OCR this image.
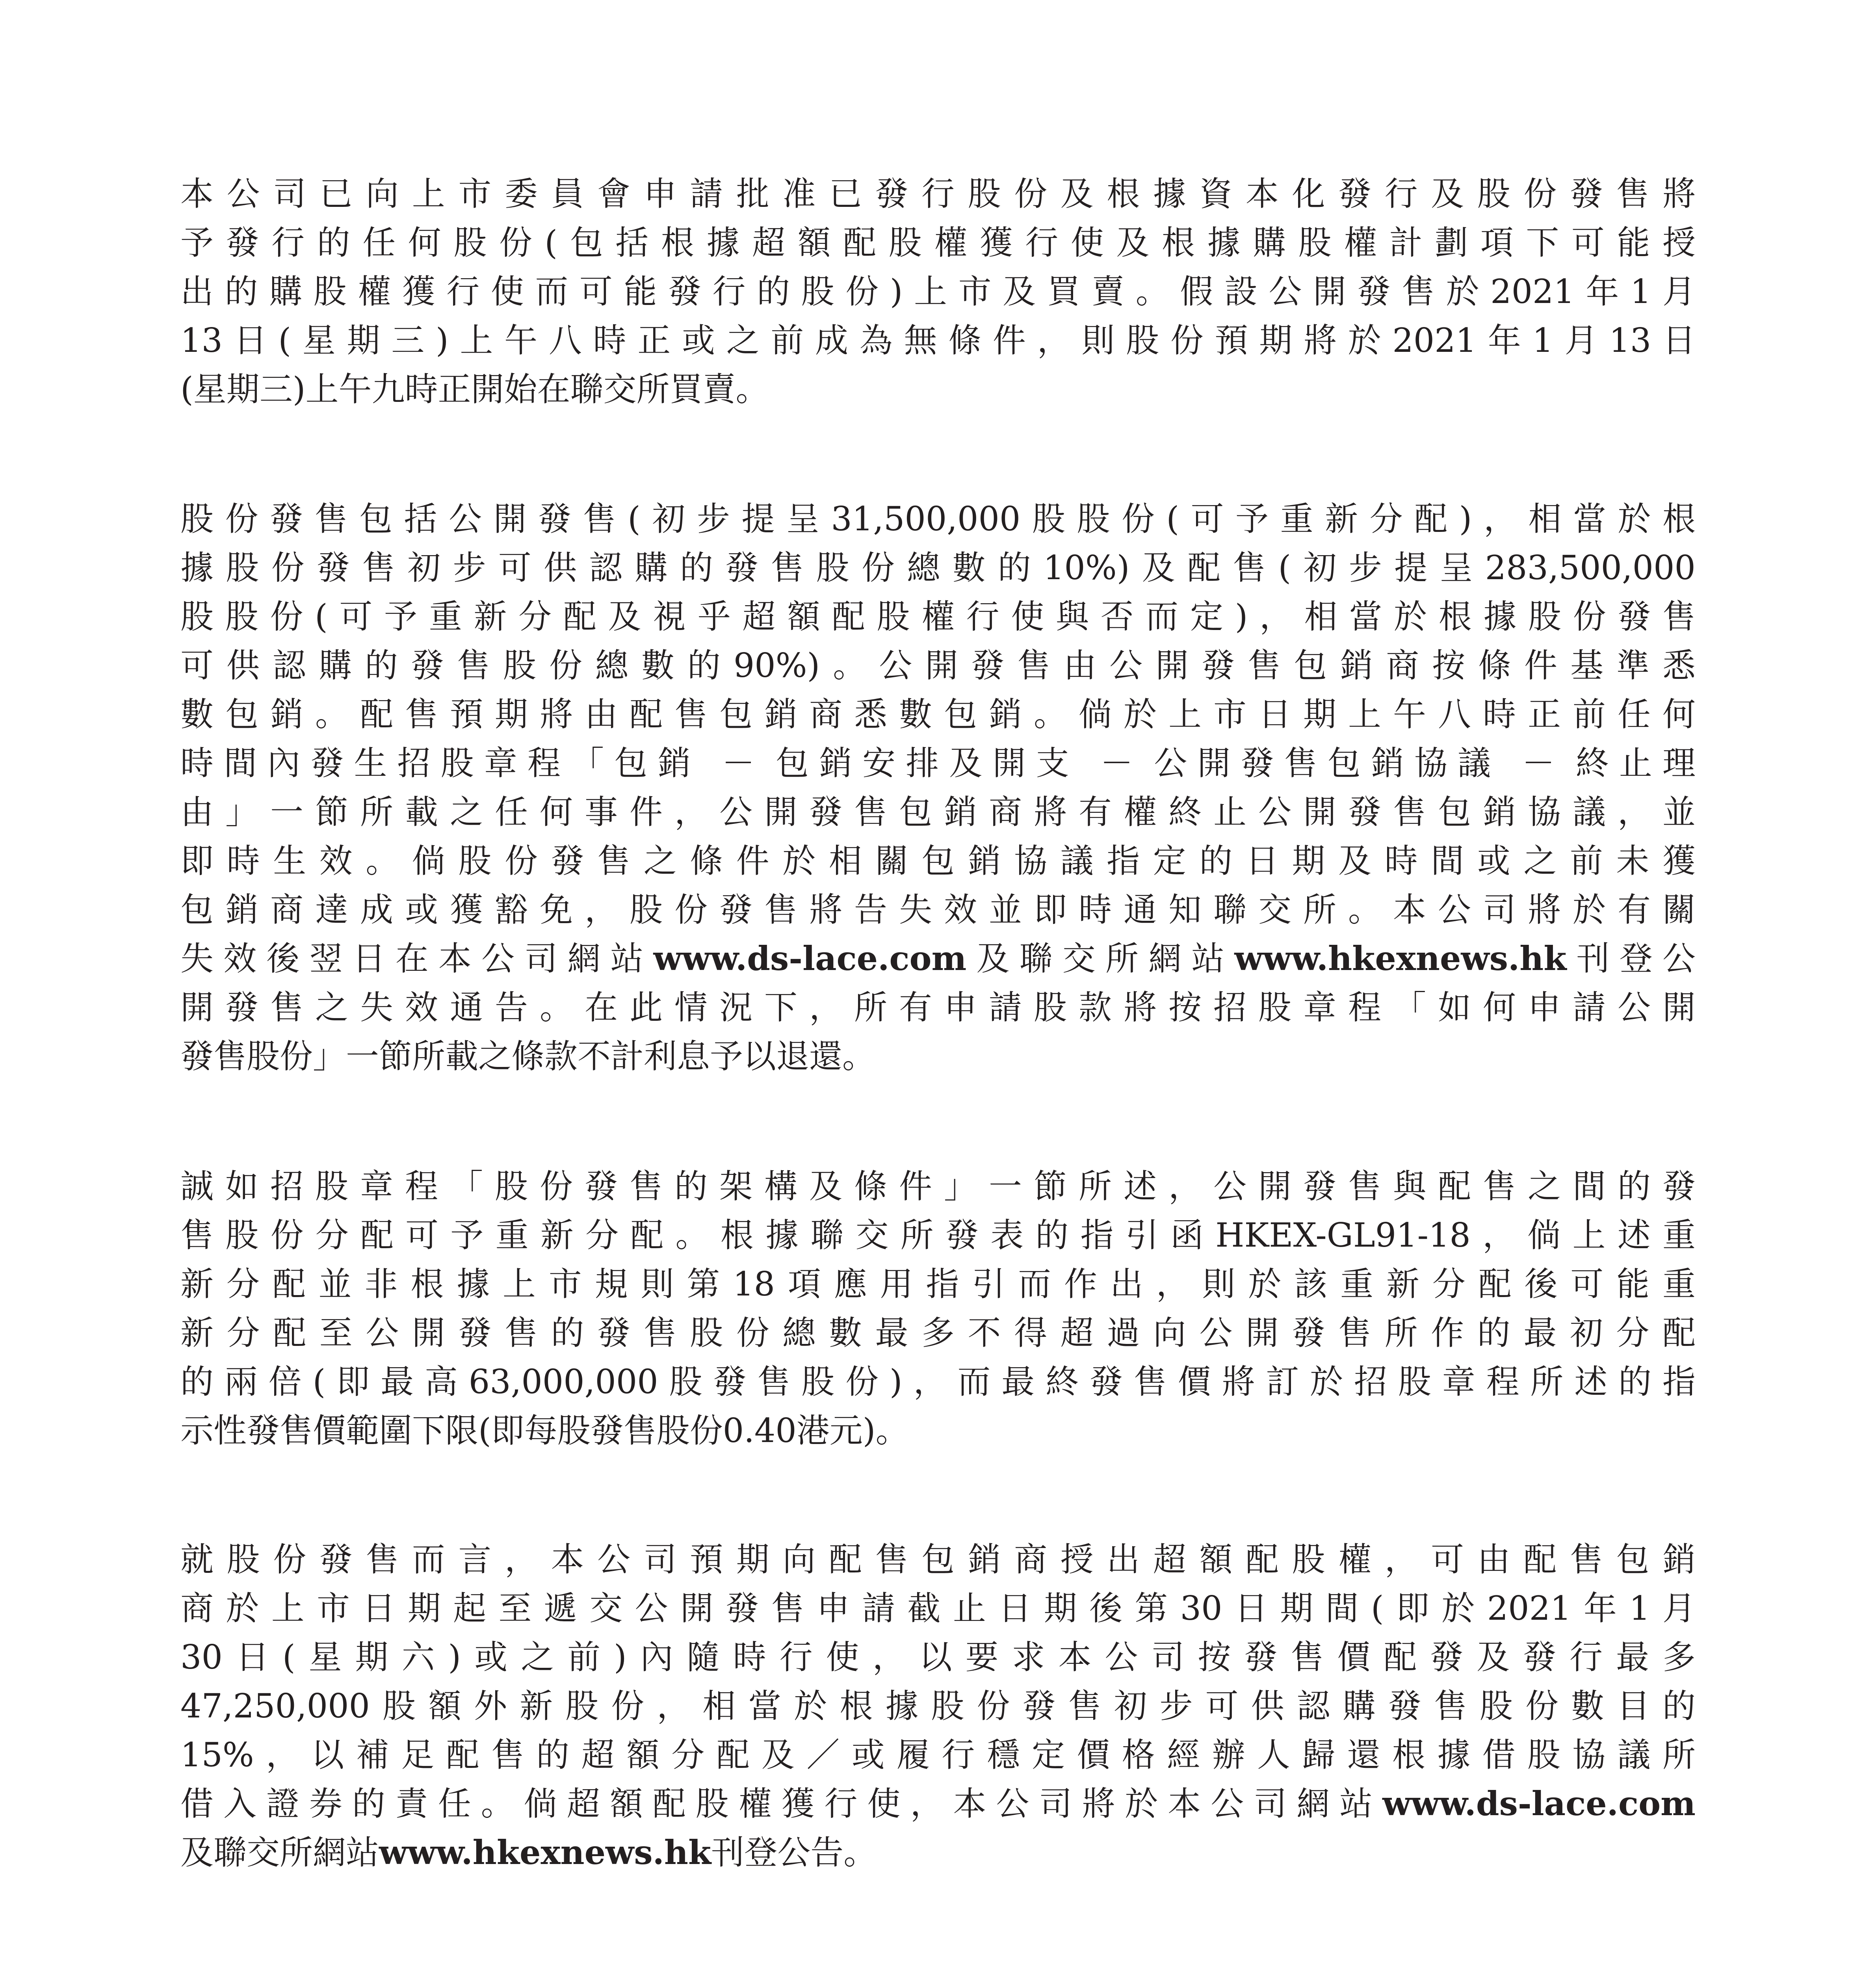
本公司已向上市委員會申請批准已發行股份及根據資本化發行及股份發售將
予發行的任何股份(包括根據超額配股權獲行使及根據購股權計劃項下可能授
出的購股權獲行使而可能發行的股份)上市及買賣。假設公開發售於2021年1月
13日(星期三)上午八時正或之前成為無條件，則股份預期將於2021年1月13日
(星期三)上午九時正開始在聯交所買賣。
股份發售包括公開發售(初步提呈31,500,000股股份(可予重新分配)，相當於根
據股份發售初步可供認購的發售股份總數的10%)及配售(初步提呈283,500,000
股股份(可予重新分配及視乎超額配股權行使與否而定)，相當於根據股份發售
可供認購的發售股份總數的90%)。公開發售由公開發售包銷商按條件基準悉
數包銷。配售預期將由配售包銷商悉數包銷。倘於上市日期上午八時正前任何
時間內發生招股章程「包銷 － 包銷安排及開支 － 公開發售包銷協議 － 終止理
由」一節所載之任何事件，公開發售包銷商將有權終止公開發售包銷協議，並
即時生效。倘股份發售之條件於相關包銷協議指定的日期及時間或之前未獲
包銷商達成或獲豁免，股份發售將告失效並即時通知聯交所。本公司將於有關
失效後翌日在本公司網站www.ds-lace.com及聯交所網站www.hkexnews.hk刊登公
開發售之失效通告。在此情況下，所有申請股款將按招股章程「如何申請公開
發售股份」一節所載之條款不計利息予以退還。
誠如招股章程「股份發售的架構及條件」一節所述，公開發售與配售之間的發
售股份分配可予重新分配。根據聯交所發表的指引函HKEX-GL91-18，倘上述重
新分配並非根據上市規則第18項應用指引而作出，則於該重新分配後可能重
新分配至公開發售的發售股份總數最多不得超過向公開發售所作的最初分配
的兩倍(即最高63,000,000股發售股份)，而最終發售價將訂於招股章程所述的指
示性發售價範圍下限(即每股發售股份0.40港元)。
就股份發售而言，本公司預期向配售包銷商授出超額配股權，可由配售包銷
商於上市日期起至遞交公開發售申請截止日期後第30日期間(即於2021年1月
30日(星期六)或之前)內隨時行使，以要求本公司按發售價配發及發行最多
47,250,000股額外新股份，相當於根據股份發售初步可供認購發售股份數目的
15%，以補足配售的超額分配及／或履行穩定價格經辦人歸還根據借股協議所
借入證券的責任。倘超額配股權獲行使，本公司將於本公司網站www.ds-lace.com
及聯交所網站www.hkexnews.hk刊登公告。
